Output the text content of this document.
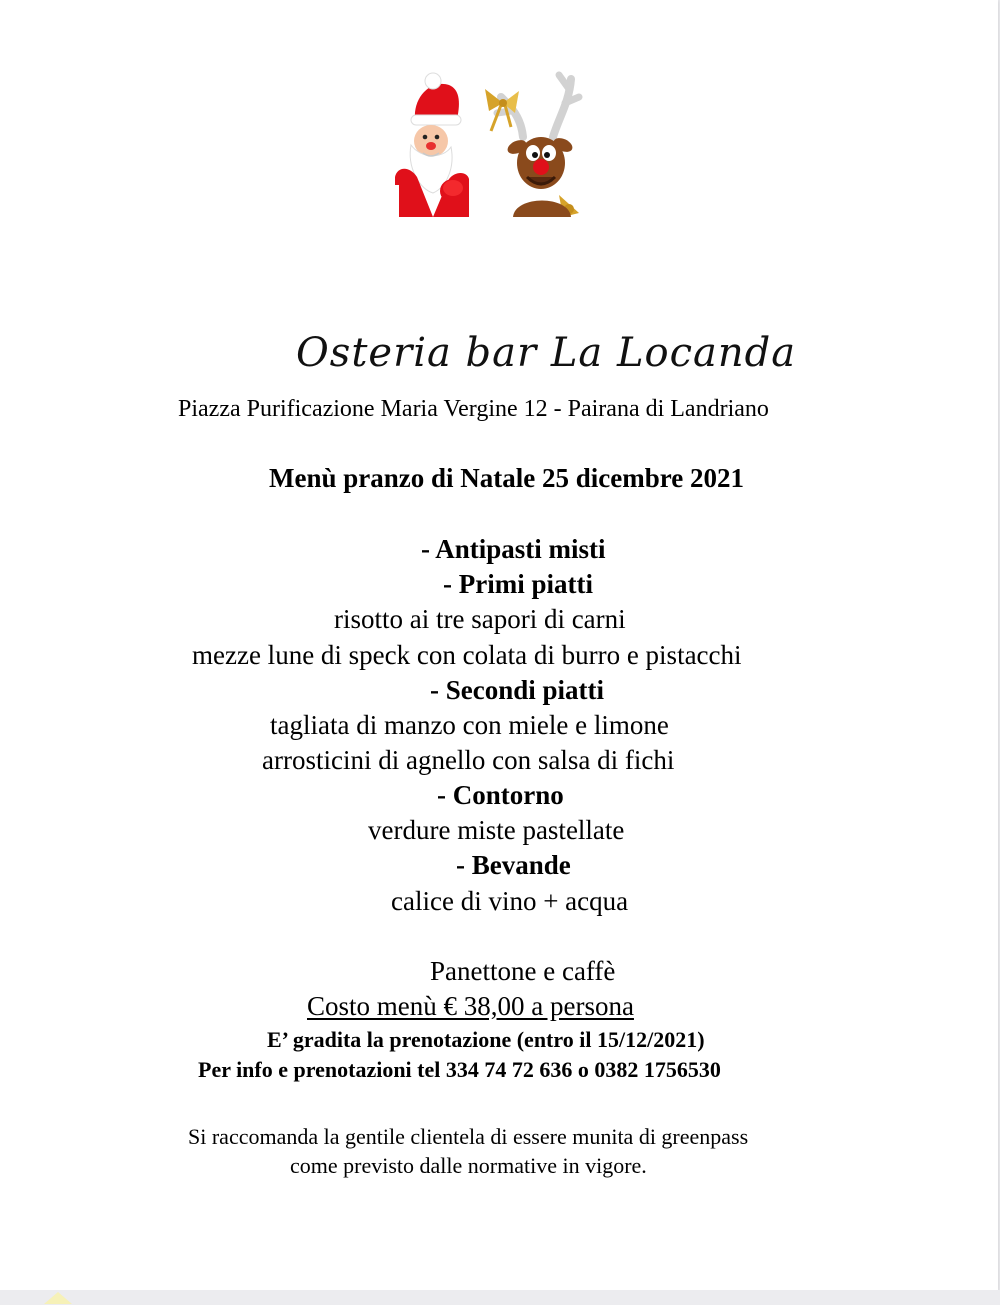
Osteria bar La Locanda
Piazza Purificazione Maria Vergine 12 - Pairana di Landriano
Menù pranzo di Natale 25 dicembre 2021
- Antipasti misti
- Primi piatti
risotto ai tre sapori di carni
mezze lune di speck con colata di burro e pistacchi
- Secondi piatti
tagliata di manzo con miele e limone
arrosticini di agnello con salsa di fichi
- Contorno
verdure miste pastellate
- Bevande
calice di vino + acqua
Panettone e caffè
Costo menù € 38,00 a persona
E’ gradita la prenotazione (entro il 15/12/2021)
Per info e prenotazioni tel 334 74 72 636 o 0382 1756530
Si raccomanda la gentile clientela di essere munita di greenpass
come previsto dalle normative in vigore.
